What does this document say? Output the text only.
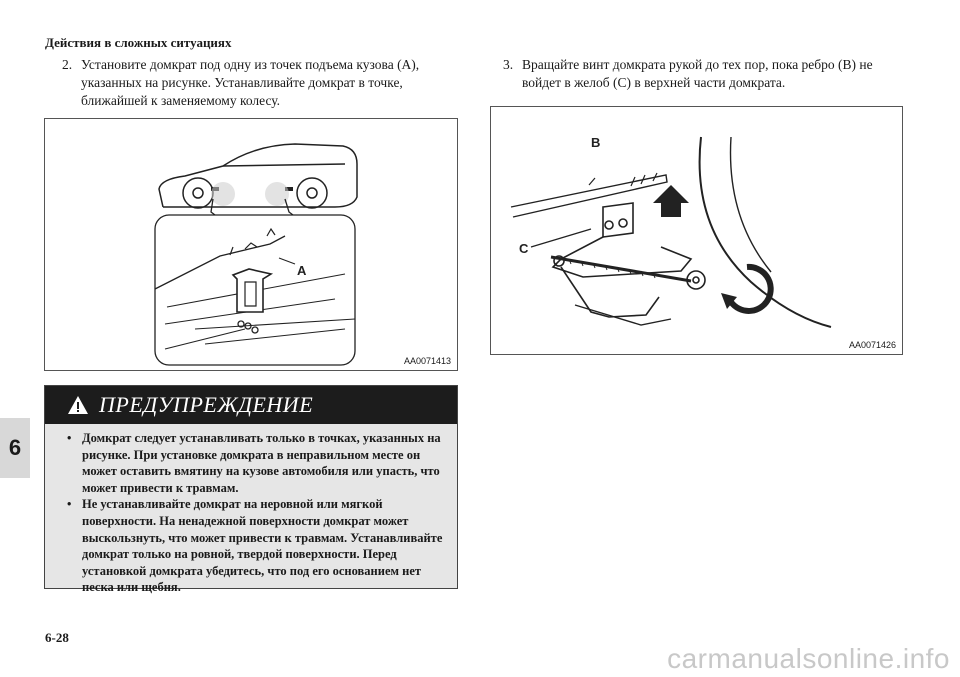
Действия в сложных ситуациях
2. Установите домкрат под одну из точек подъема кузова (A), указанных на рисунке. Устанавливайте домкрат в точке, ближайшей к заменяемому колесу.
3. Вращайте винт домкрата рукой до тех пор, пока ребро (B) не войдет в желоб (C) в верхней части домкрата.
A
AA0071413
B
C
AA0071426
ПРЕДУПРЕЖДЕНИЕ
• Домкрат следует устанавливать только в точках, указанных на рисунке. При установке домкрата в неправильном месте он может оставить вмятину на кузове автомобиля или упасть, что может привести к травмам.
• Не устанавливайте домкрат на неровной или мягкой поверхности. На ненадежной поверхности домкрат может выскользнуть, что может привести к травмам. Устанавливайте домкрат только на ровной, твердой поверхности. Перед установкой домкрата убедитесь, что под его основанием нет песка или щебня.
6
6-28
carmanualsonline.info
